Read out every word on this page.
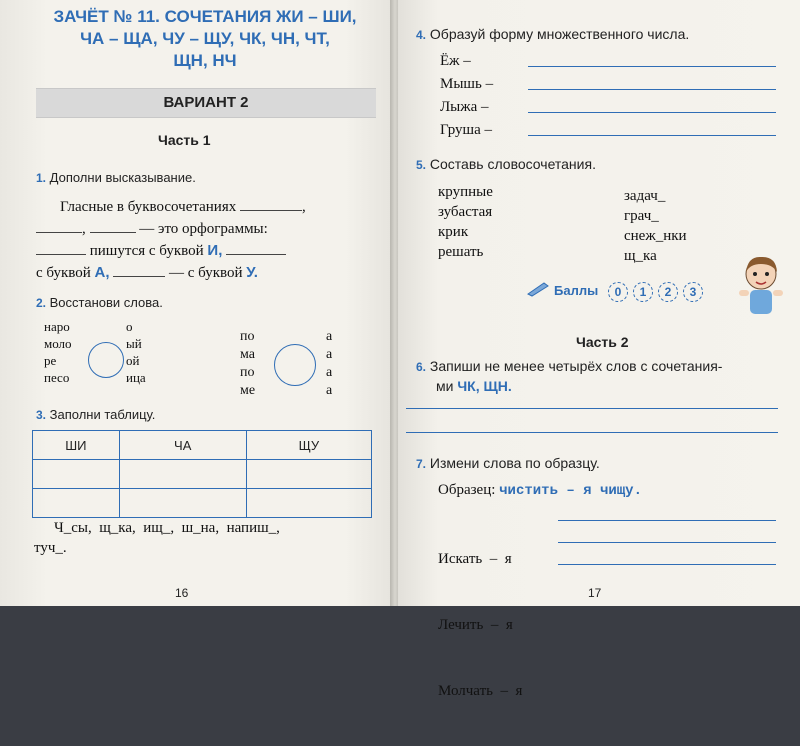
ЗАЧЁТ № 11. СОЧЕТАНИЯ ЖИ – ШИ,
ЧА – ЩА, ЧУ – ЩУ, ЧК, ЧН, ЧТ,
ЩН, НЧ
ВАРИАНТ 2
Часть 1
1. Дополни высказывание.
Гласные в буквосочетаниях	,
,	— это орфограммы:
пишутся с буквой И,
с буквой А,	— с буквой У.
2. Восстанови слова.
наро
моло
ре
песо
о
ый
ой
ица
по
ма
по
ме
а
а
а
а
3. Заполни таблицу.
ШИ	ЧА	ЩУ

Ч_сы,  щ_ка,  ищ_,  ш_на,  напиш_,
туч_.
16
4. Образуй форму множественного числа.
Ёж –
Мышь –
Лыжа –
Груша –
5. Составь словосочетания.
крупные
зубастая
крик
решать
задач_
грач_
снеж_нки
щ_ка
Баллы	0	1	2	3
Часть 2
6. Запиши не менее четырёх слов с сочетания-
ми ЧК, ЩН.
7. Измени слова по образцу.
Образец: чистить – я чищу.

Искать  –  я

Лечить  –  я

Молчать  –  я

17
